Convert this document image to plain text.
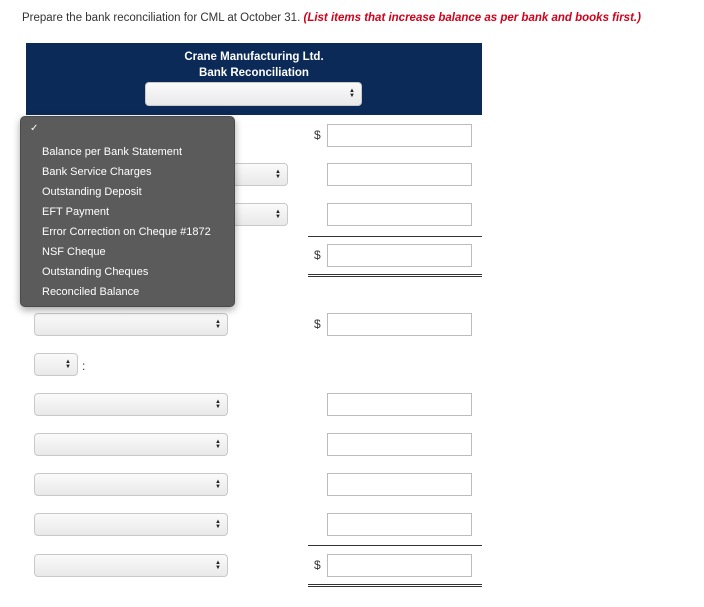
Prepare the bank reconciliation for CML at October 31. (List items that increase balance as per bank and books first.)
Crane Manufacturing Ltd.
Bank Reconciliation
▲
▼
▲
▼
▲
▼
$
$
▲
▼	$
▲
▼ :
▲
▼
▲
▼
▲
▼
▲
▼
▲
▼	$
✓
Balance per Bank Statement
Bank Service Charges
Outstanding Deposit
EFT Payment
Error Correction on Cheque #1872
NSF Cheque
Outstanding Cheques
Reconciled Balance
